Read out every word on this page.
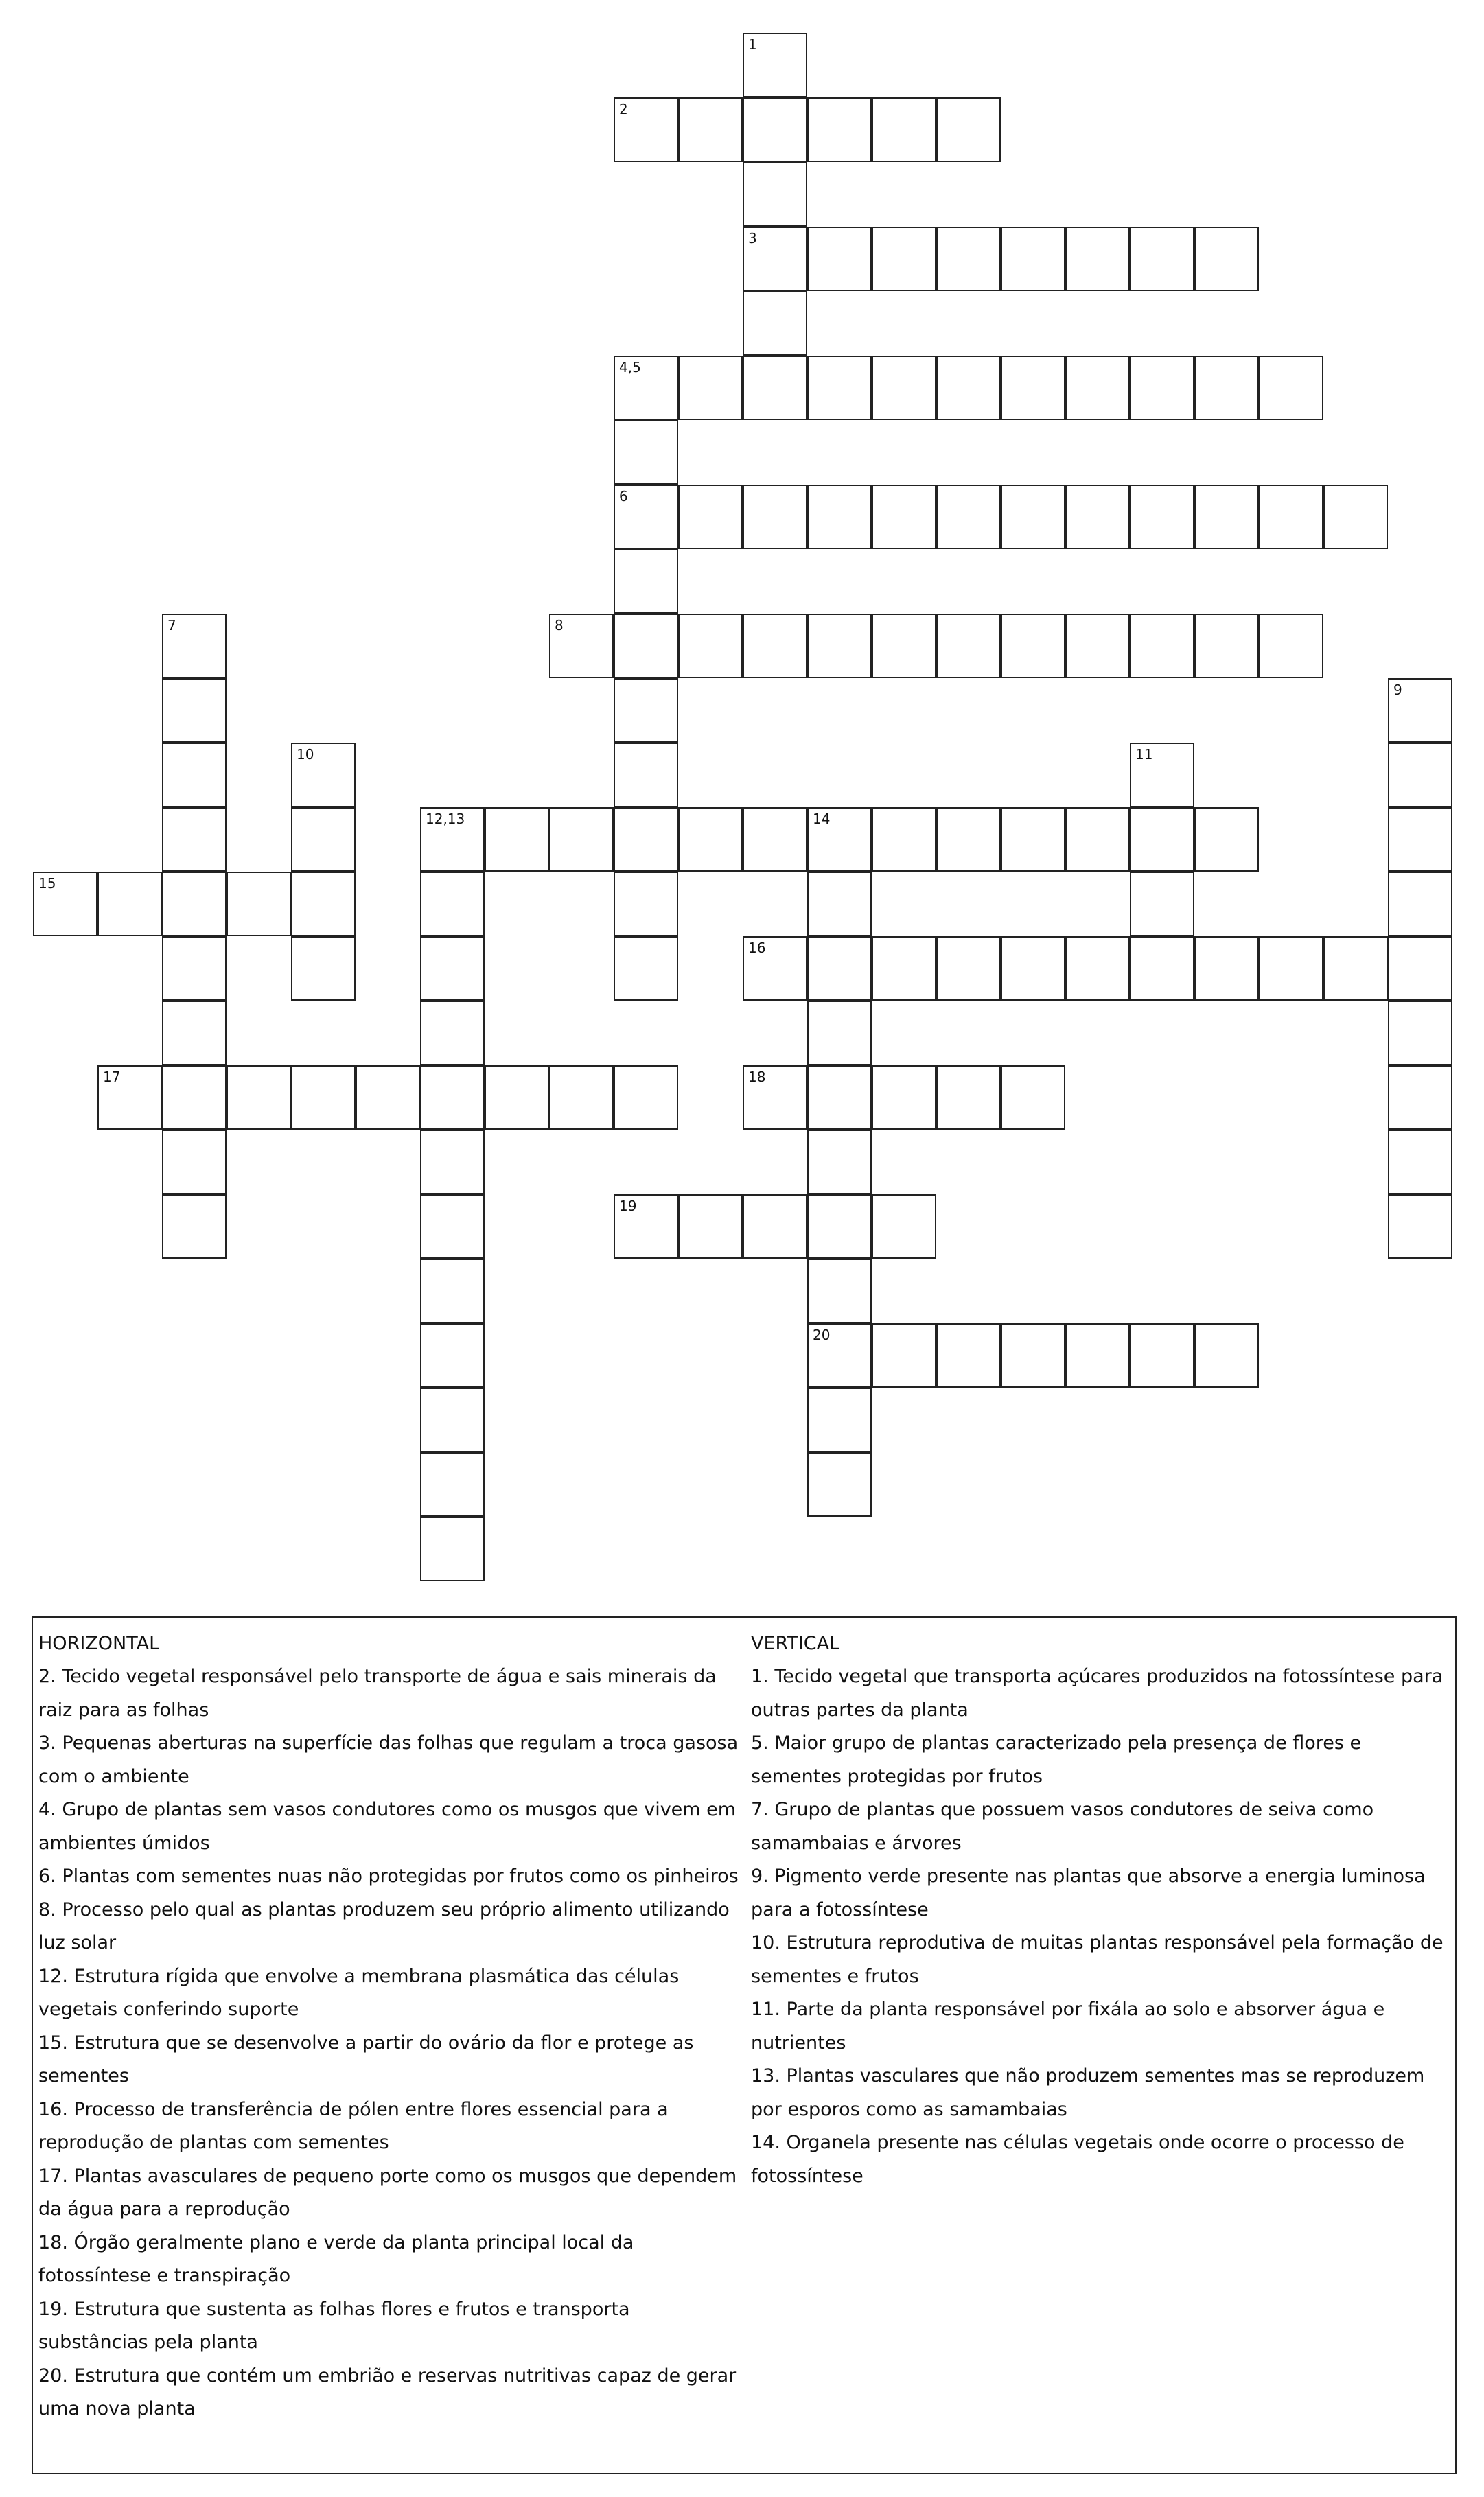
1
3
2
4,5
6
7	8
9
10	11
12,13	14
20
15
16
17	18
19
HORIZONTAL
2. Tecido vegetal responsável pelo transporte de água e sais minerais da raiz para as folhas
3. Pequenas aberturas na superfície das folhas que regulam a troca gasosa com o ambiente
4. Grupo de plantas sem vasos condutores como os musgos que vivem em ambientes úmidos
6. Plantas com sementes nuas não protegidas por frutos como os pinheiros
8. Processo pelo qual as plantas produzem seu próprio alimento utilizando luz solar
12. Estrutura rígida que envolve a membrana plasmática das células vegetais conferindo suporte
15. Estrutura que se desenvolve a partir do ovário da flor e protege as sementes
16. Processo de transferência de pólen entre flores essencial para a reprodução de plantas com sementes
17. Plantas avasculares de pequeno porte como os musgos que dependem da água para a reprodução
18. Órgão geralmente plano e verde da planta principal local da fotossíntese e transpiração
19. Estrutura que sustenta as folhas flores e frutos e transporta substâncias pela planta
20. Estrutura que contém um embrião e reservas nutritivas capaz de gerar uma nova planta
VERTICAL
1. Tecido vegetal que transporta açúcares produzidos na fotossíntese para outras partes da planta
5. Maior grupo de plantas caracterizado pela presença de flores e sementes protegidas por frutos
7. Grupo de plantas que possuem vasos condutores de seiva como samambaias e árvores
9. Pigmento verde presente nas plantas que absorve a energia luminosa para a fotossíntese
10. Estrutura reprodutiva de muitas plantas responsável pela formação de sementes e frutos
11. Parte da planta responsável por fixála ao solo e absorver água e nutrientes
13. Plantas vasculares que não produzem sementes mas se reproduzem por esporos como as samambaias
14. Organela presente nas células vegetais onde ocorre o processo de fotossíntese
